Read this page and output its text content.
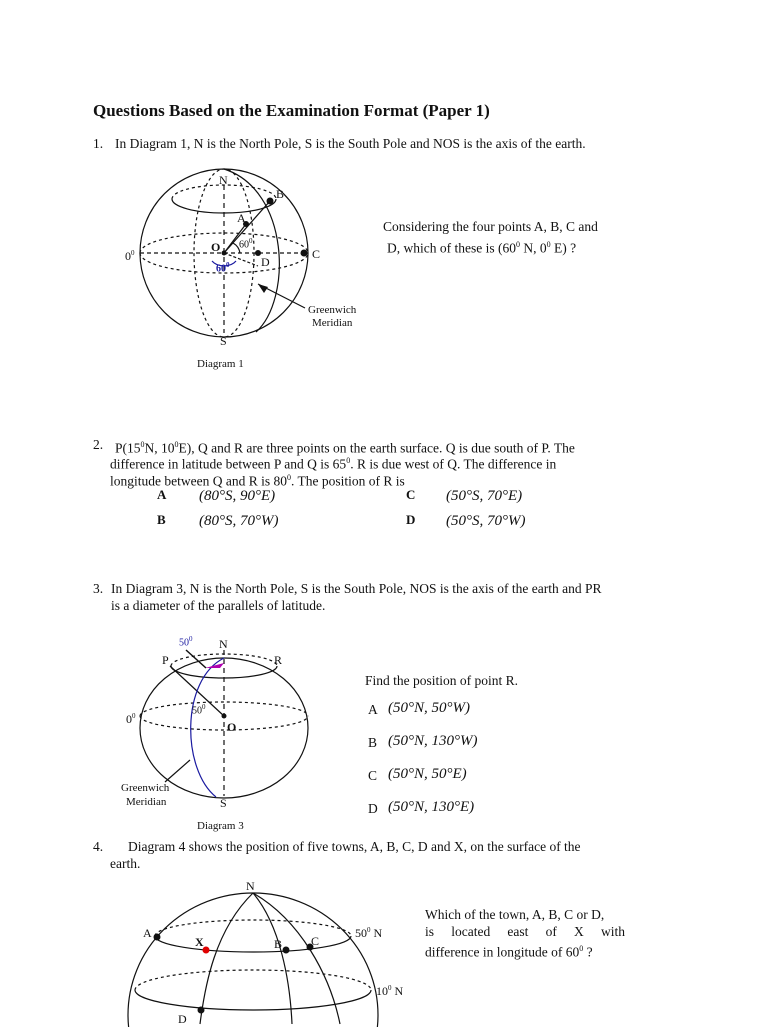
Questions Based on the Examination Format (Paper 1)
1. In Diagram 1, N is the North Pole, S is the South Pole and NOS is the axis of the earth.
N
B
A
O $60^0$
$60^0$	D
C
$0^0$
S
Greenwich
Meridian
Diagram 1
Considering the four points A, B, C and
D, which of these is ($60^0$ N, $0^0$ E) ?
2. $P(15^0N$, $10^0E$), Q and R are three points on the earth surface. Q is due south of P. The
difference in latitude between P and Q is $65^0$. R is due west of Q. The difference in
longitude between Q and R is $80^0$. The position of R is
A (80°S, 90°E)
B (80°S, 70°W)
C (50°S, 70°E)
D (50°S, 70°W)
3. In Diagram 3, N is the North Pole, S is the South Pole, NOS is the axis of the earth and PR
is a diameter of the parallels of latitude.
$50^0$ N
P	R
$50^0$
O
$0^0$
Greenwich
Meridian	S
Diagram 3
Find the position of point R.
A (50°N, 50°W)
B (50°N, 130°W)
C (50°N, 50°E)
D (50°N, 130°E)
4. Diagram 4 shows the position of five towns, A, B, C, D and X, on the surface of the
earth.
N
A
X	B C
$50^0$ N
$10^0$ N
D
Which of the town, A, B, C or D,
is located east of X with
difference in longitude of $60^0$ ?
